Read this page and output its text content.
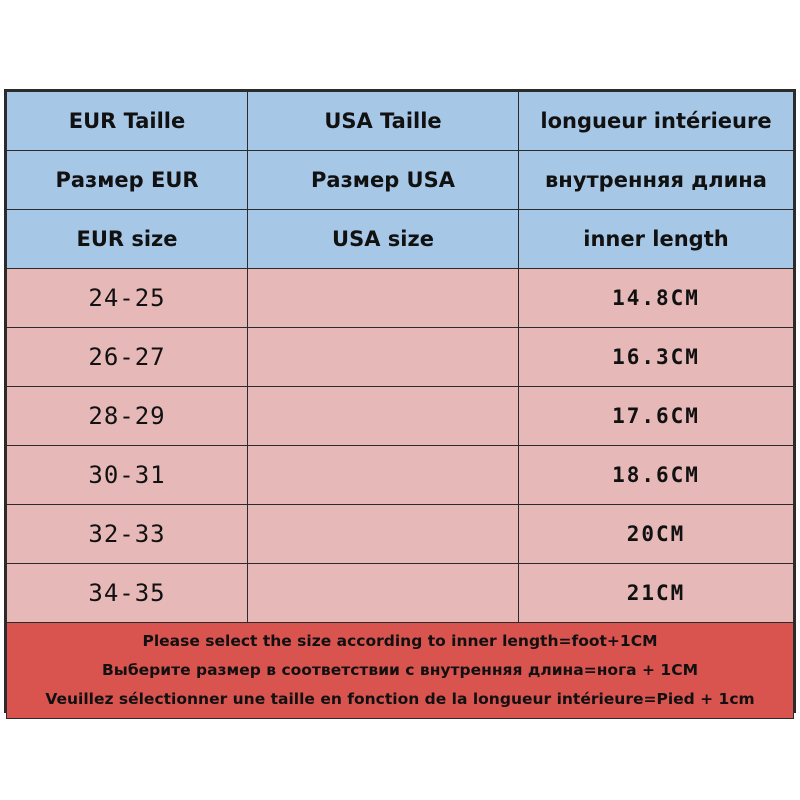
EUR Taille	USA Taille	longueur intérieure
Размер EUR	Размер USA	внутренняя длина
EUR size	USA size	inner length
24-25		14.8CM
26-27		16.3CM
28-29		17.6CM
30-31		18.6CM
32-33		20CM
34-35		21CM

Please select the size according to inner length=foot+1CM
Выберите размер в соответствии с внутренняя длина=нога + 1CM
Veuillez sélectionner une taille en fonction de la longueur intérieure=Pied + 1cm		
